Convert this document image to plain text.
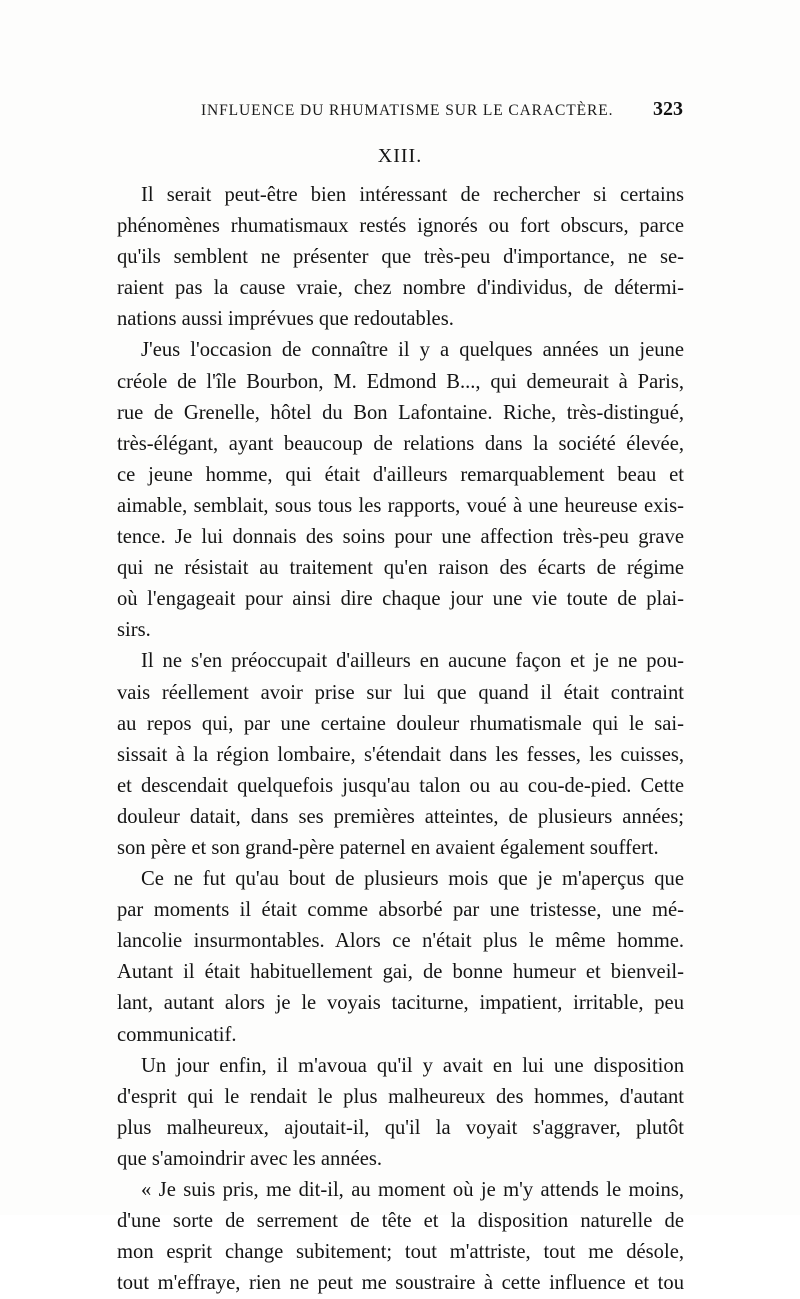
INFLUENCE DU RHUMATISME SUR LE CARACTÈRE. 323
XIII.
Il serait peut-être bien intéressant de rechercher si certains
phénomènes rhumatismaux restés ignorés ou fort obscurs, parce
qu'ils semblent ne présenter que très-peu d'importance, ne se-
raient pas la cause vraie, chez nombre d'individus, de détermi-
nations aussi imprévues que redoutables.
J'eus l'occasion de connaître il y a quelques années un jeune
créole de l'île Bourbon, M. Edmond B..., qui demeurait à Paris,
rue de Grenelle, hôtel du Bon Lafontaine. Riche, très-distingué,
très-élégant, ayant beaucoup de relations dans la société élevée,
ce jeune homme, qui était d'ailleurs remarquablement beau et
aimable, semblait, sous tous les rapports, voué à une heureuse exis-
tence. Je lui donnais des soins pour une affection très-peu grave
qui ne résistait au traitement qu'en raison des écarts de régime
où l'engageait pour ainsi dire chaque jour une vie toute de plai-
sirs.
Il ne s'en préoccupait d'ailleurs en aucune façon et je ne pou-
vais réellement avoir prise sur lui que quand il était contraint
au repos qui, par une certaine douleur rhumatismale qui le sai-
sissait à la région lombaire, s'étendait dans les fesses, les cuisses,
et descendait quelquefois jusqu'au talon ou au cou-de-pied. Cette
douleur datait, dans ses premières atteintes, de plusieurs années;
son père et son grand-père paternel en avaient également souffert.
Ce ne fut qu'au bout de plusieurs mois que je m'aperçus que
par moments il était comme absorbé par une tristesse, une mé-
lancolie insurmontables. Alors ce n'était plus le même homme.
Autant il était habituellement gai, de bonne humeur et bienveil-
lant, autant alors je le voyais taciturne, impatient, irritable, peu
communicatif.
Un jour enfin, il m'avoua qu'il y avait en lui une disposition
d'esprit qui le rendait le plus malheureux des hommes, d'autant
plus malheureux, ajoutait-il, qu'il la voyait s'aggraver, plutôt
que s'amoindrir avec les années.
« Je suis pris, me dit-il, au moment où je m'y attends le moins,
d'une sorte de serrement de tête et la disposition naturelle de
mon esprit change subitement; tout m'attriste, tout me désole,
tout m'effraye, rien ne peut me soustraire à cette influence et tou
